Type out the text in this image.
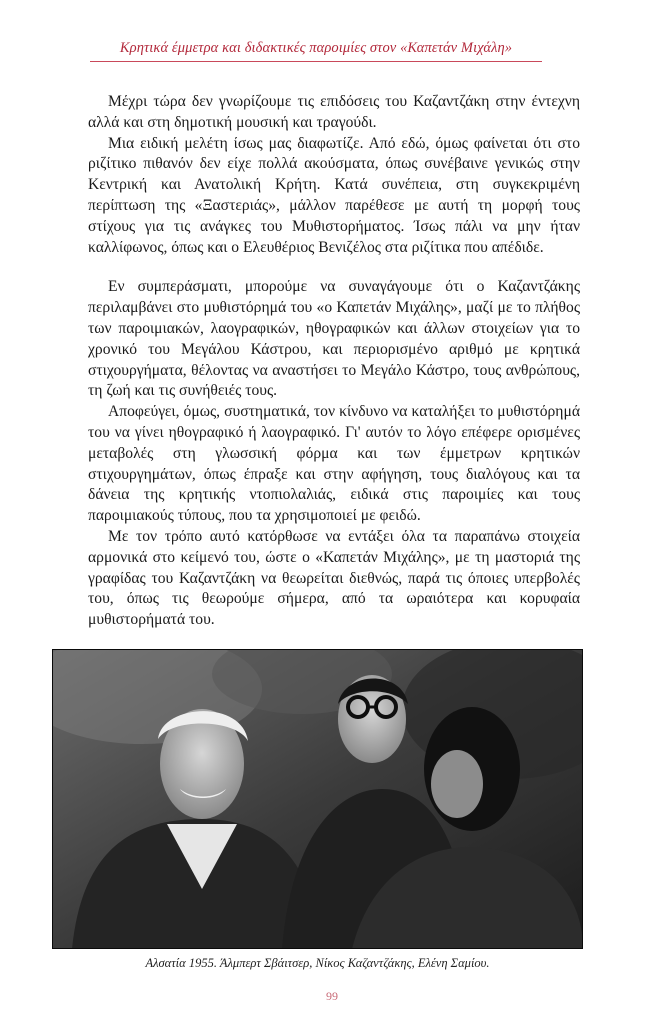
Κρητικά έμμετρα και διδακτικές παροιμίες στον «Καπετάν Μιχάλη»

Μέχρι τώρα δεν γνωρίζουμε τις επιδόσεις του Καζαντζάκη στην έντεχνη αλλά και στη δημοτική μουσική και τραγούδι.

Μια ειδική μελέτη ίσως μας διαφωτίζε. Από εδώ, όμως φαίνεται ότι στο ριζίτικο πιθανόν δεν είχε πολλά ακούσματα, όπως συνέβαινε γενικώς στην Κεντρική και Ανατολική Κρήτη. Κατά συνέπεια, στη συγκεκριμένη περίπτωση της «Ξαστεριάς», μάλλον παρέθεσε με αυτή τη μορφή τους στίχους για τις ανάγκες του Μυθιστορήματος. Ίσως πάλι να μην ήταν καλλίφωνος, όπως και ο Ελευθέριος Βενιζέλος στα ριζίτικα που απέδιδε.

Εν συμπεράσματι, μπορούμε να συναγάγουμε ότι ο Καζαντζάκης περιλαμβάνει στο μυθιστόρημά του «ο Καπετάν Μιχάλης», μαζί με το πλήθος των παροιμιακών, λαογραφικών, ηθογραφικών και άλλων στοιχείων για το χρονικό του Μεγάλου Κάστρου, και περιορισμένο αριθμό με κρητικά στιχουργήματα, θέλοντας να αναστήσει το Μεγάλο Κάστρο, τους ανθρώπους, τη ζωή και τις συνήθειές τους.

Αποφεύγει, όμως, συστηματικά, τον κίνδυνο να καταλήξει το μυθιστόρημά του να γίνει ηθογραφικό ή λαογραφικό. Γι' αυτόν το λόγο επέφερε ορισμένες μεταβολές στη γλωσσική φόρμα και των έμμετρων κρητικών στιχουργημάτων, όπως έπραξε και στην αφήγηση, τους διαλόγους και τα δάνεια της κρητικής ντοπιολαλιάς, ειδικά στις παροιμίες και τους παροιμιακούς τύπους, που τα χρησιμοποιεί με φειδώ.

Με τον τρόπο αυτό κατόρθωσε να εντάξει όλα τα παραπάνω στοιχεία αρμονικά στο κείμενό του, ώστε ο «Καπετάν Μιχάλης», με τη μαστοριά της γραφίδας του Καζαντζάκη να θεωρείται διεθνώς, παρά τις όποιες υπερβολές του, όπως τις θεωρούμε σήμερα, από τα ωραιότερα και κορυφαία μυθιστορήματά του.

Αλσατία 1955. Άλμπερτ Σβάιτσερ, Νίκος Καζαντζάκης, Ελένη Σαμίου.
99
